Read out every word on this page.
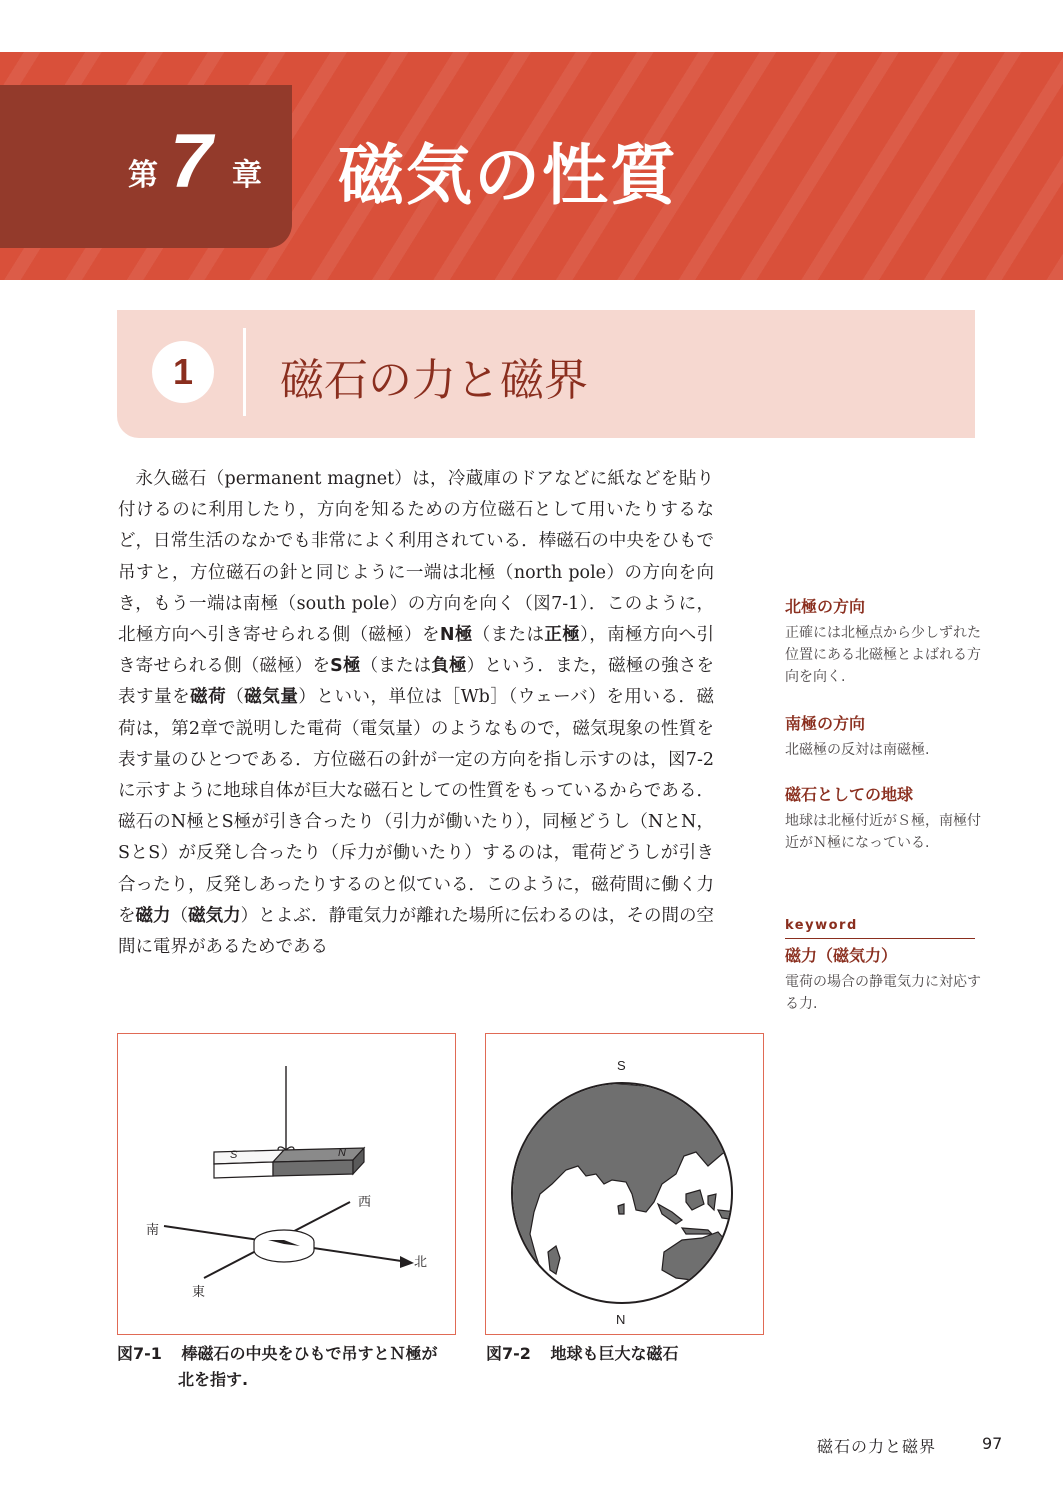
第 7 章 磁気の性質
1	磁石の力と磁界

永久磁石（permanent magnet）は，冷蔵庫のドアなどに紙などを貼り付けるのに利用したり，方向を知るための方位磁石として用いたりするなど，日常生活のなかでも非常によく利用されている．棒磁石の中央をひもで吊すと，方位磁石の針と同じように一端は北極（north pole）の方向を向き，もう一端は南極（south pole）の方向を向く（図7-1）．このように，北極方向へ引き寄せられる側（磁極）をN極（または正極），南極方向へ引き寄せられる側（磁極）をS極（または負極）という．また，磁極の強さを表す量を磁荷（磁気量）といい，単位は［Wb］（ウェーバ）を用いる．磁荷は，第2章で説明した電荷（電気量）のようなもので，磁気現象の性質を表す量のひとつである．方位磁石の針が一定の方向を指し示すのは，図7-2に示すように地球自体が巨大な磁石としての性質をもっているからである．磁石のN極とS極が引き合ったり（引力が働いたり），同極どうし（NとN，SとS）が反発し合ったり（斥力が働いたり）するのは，電荷どうしが引き合ったり，反発しあったりするのと似ている．このように，磁荷間に働く力を磁力（磁気力）とよぶ．静電気力が離れた場所に伝わるのは，その間の空間に電界があるためである

北極の方向
正確には北極点から少しずれた位置にある北磁極とよばれる方向を向く.
南極の方向
北磁極の反対は南磁極.
磁石としての地球
地球は北極付近がＳ極，南極付近がＮ極になっている.
keyword
磁力（磁気力）
電荷の場合の静電気力に対応する力.
S	N
西
南
北
東
図7-1 棒磁石の中央をひもで吊すとＮ極が
北を指す.
S
N
図7-2 地球も巨大な磁石
磁石の力と磁界	97
